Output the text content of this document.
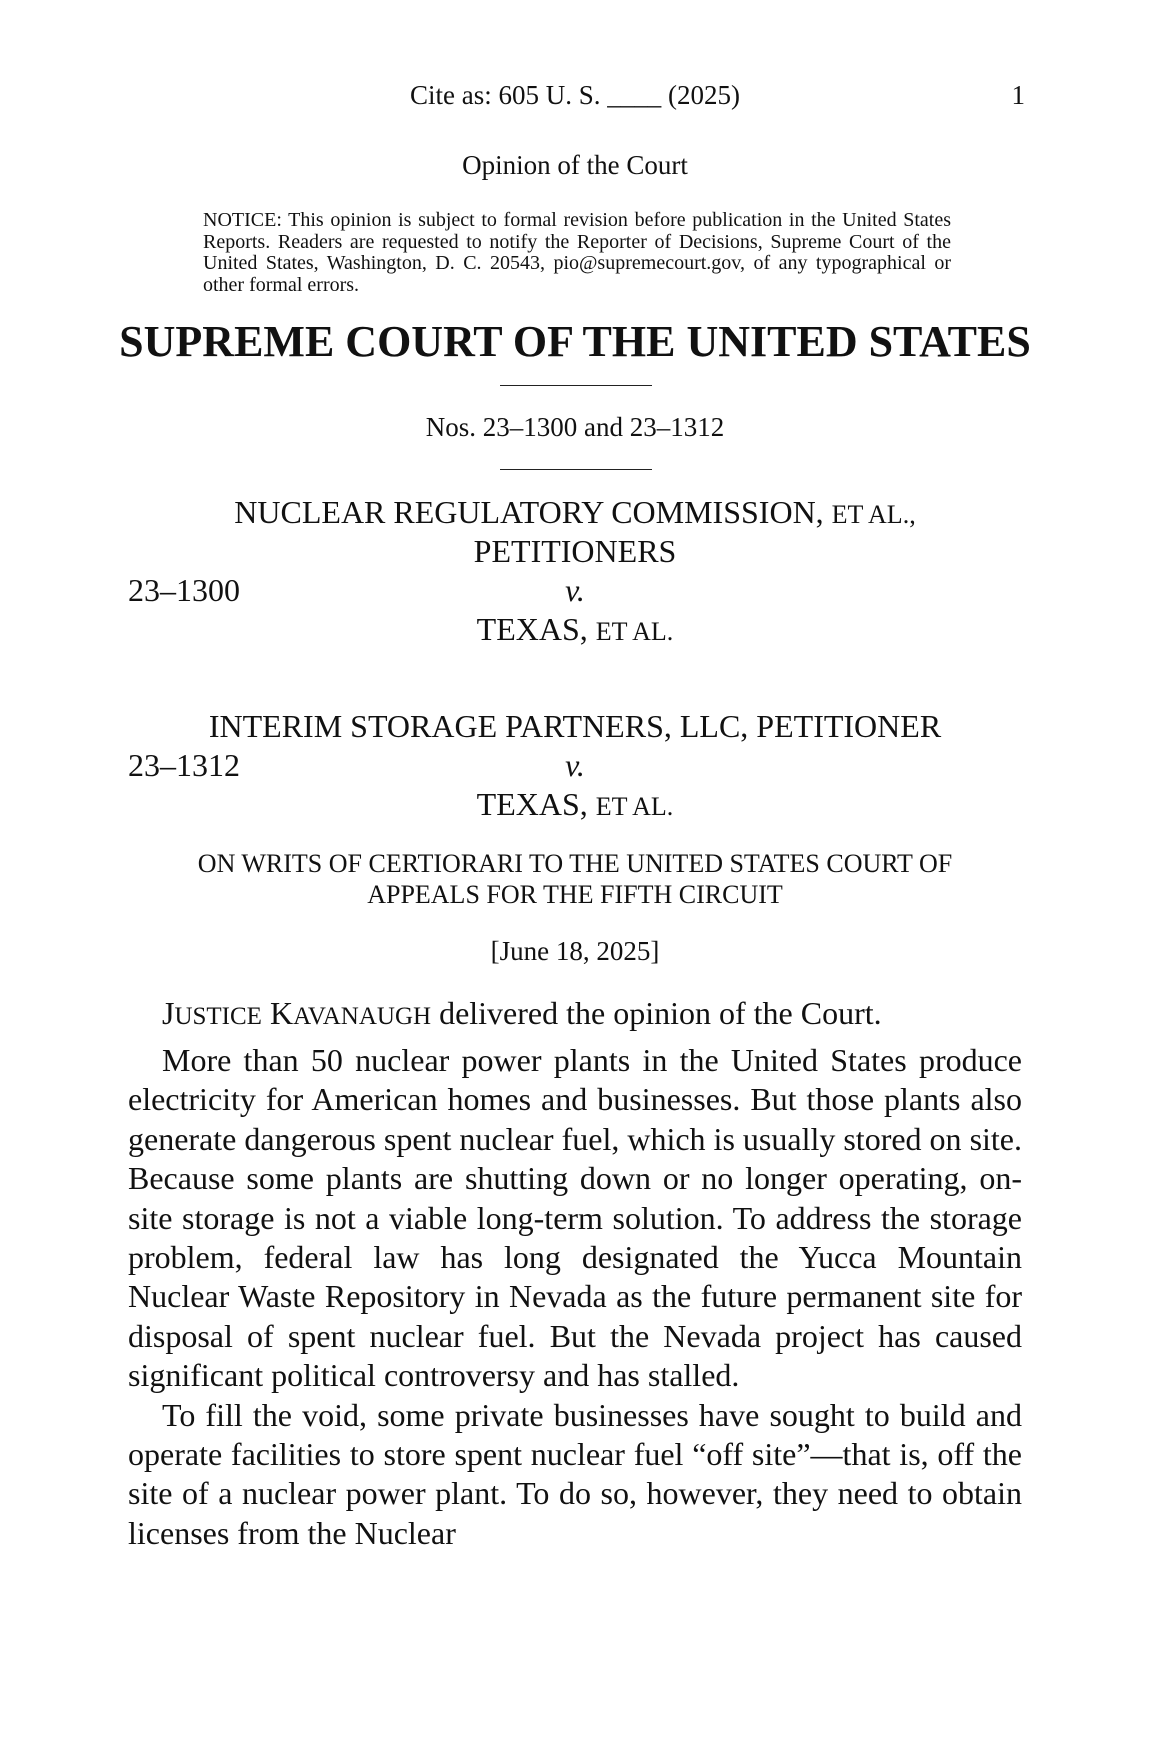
Cite as: 605 U. S. ____ (2025)	1
Opinion of the Court
NOTICE: This opinion is subject to formal revision before publication in the United States Reports. Readers are requested to notify the Reporter of Decisions, Supreme Court of the United States, Washington, D. C. 20543, pio@supremecourt.gov, of any typographical or other formal errors.
SUPREME COURT OF THE UNITED STATES
Nos. 23–1300 and 23–1312
NUCLEAR REGULATORY COMMISSION, ET AL.,
PETITIONERS
23–1300	v.
TEXAS, ET AL.
INTERIM STORAGE PARTNERS, LLC, PETITIONER
23–1312	v.
TEXAS, ET AL.
ON WRITS OF CERTIORARI TO THE UNITED STATES COURT OF
APPEALS FOR THE FIFTH CIRCUIT
[June 18, 2025]
JUSTICE KAVANAUGH delivered the opinion of the Court.

More than 50 nuclear power plants in the United States produce electricity for American homes and businesses. But those plants also generate dangerous spent nuclear fuel, which is usually stored on site. Because some plants are shutting down or no longer operating, on-site storage is not a viable long-term solution. To address the storage problem, federal law has long designated the Yucca Mountain Nuclear Waste Repository in Nevada as the future permanent site for disposal of spent nuclear fuel. But the Nevada project has caused significant political controversy and has stalled.

To fill the void, some private businesses have sought to build and operate facilities to store spent nuclear fuel “off site”—that is, off the site of a nuclear power plant. To do so, however, they need to obtain licenses from the Nuclear
